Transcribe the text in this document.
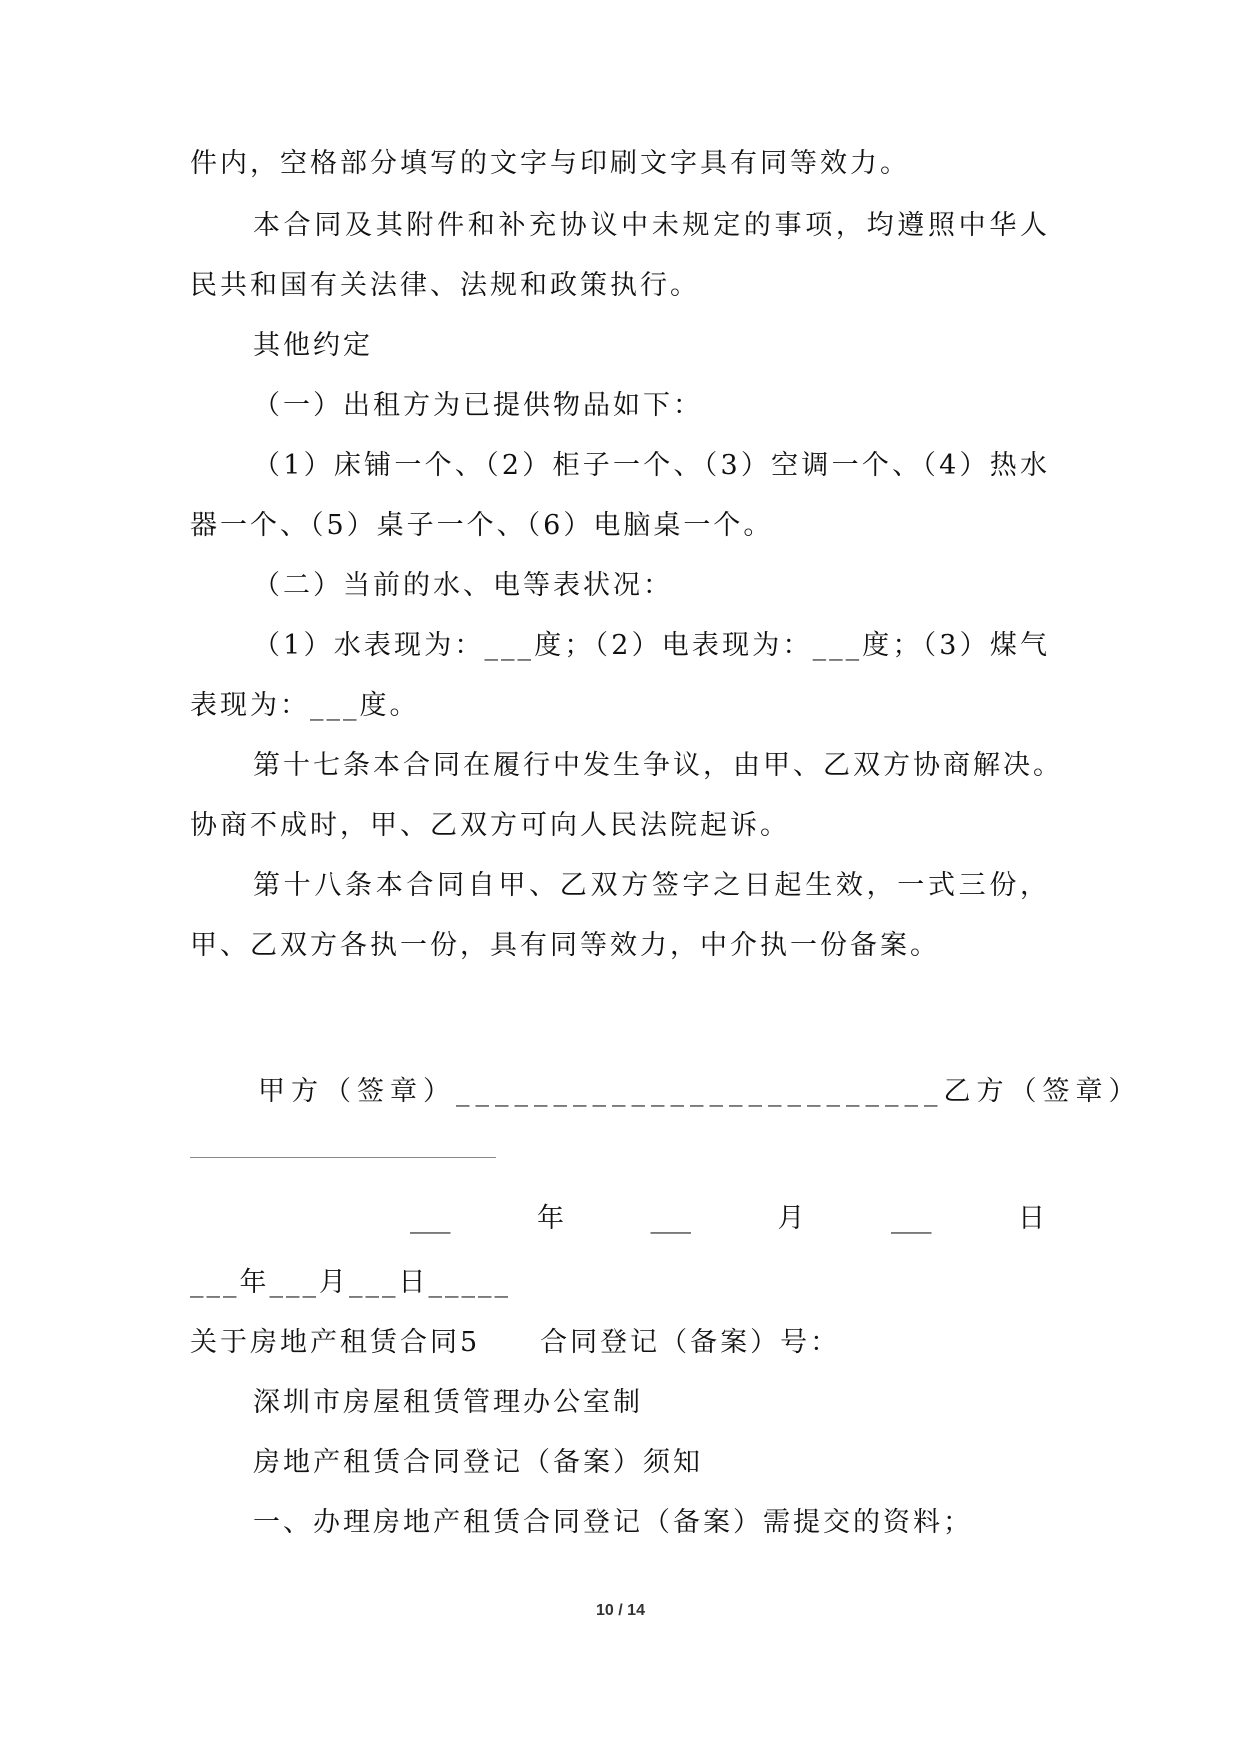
件内，空格部分填写的文字与印刷文字具有同等效力。
本合同及其附件和补充协议中未规定的事项，均遵照中华人
民共和国有关法律、法规和政策执行。
其他约定
（一）出租方为已提供物品如下：
（1）床铺一个、（2）柜子一个、（3）空调一个、（4）热水
器一个、（5）桌子一个、（6）电脑桌一个。
（二）当前的水、电等表状况：
（1）水表现为：___度；（2）电表现为：___度；（3）煤气
表现为：___度。
第十七条本合同在履行中发生争议，由甲、乙双方协商解决。
协商不成时，甲、乙双方可向人民法院起诉。
第十八条本合同自甲、乙双方签字之日起生效，一式三份，
甲、乙双方各执一份，具有同等效力，中介执一份备案。
甲方（签章）_________________________乙方（签章）
___	年	___	月	___	日
___年___月___日_____
关于房地产租赁合同5　　合同登记（备案）号：
深圳市房屋租赁管理办公室制
房地产租赁合同登记（备案）须知
一、办理房地产租赁合同登记（备案）需提交的资料；
10 / 14
